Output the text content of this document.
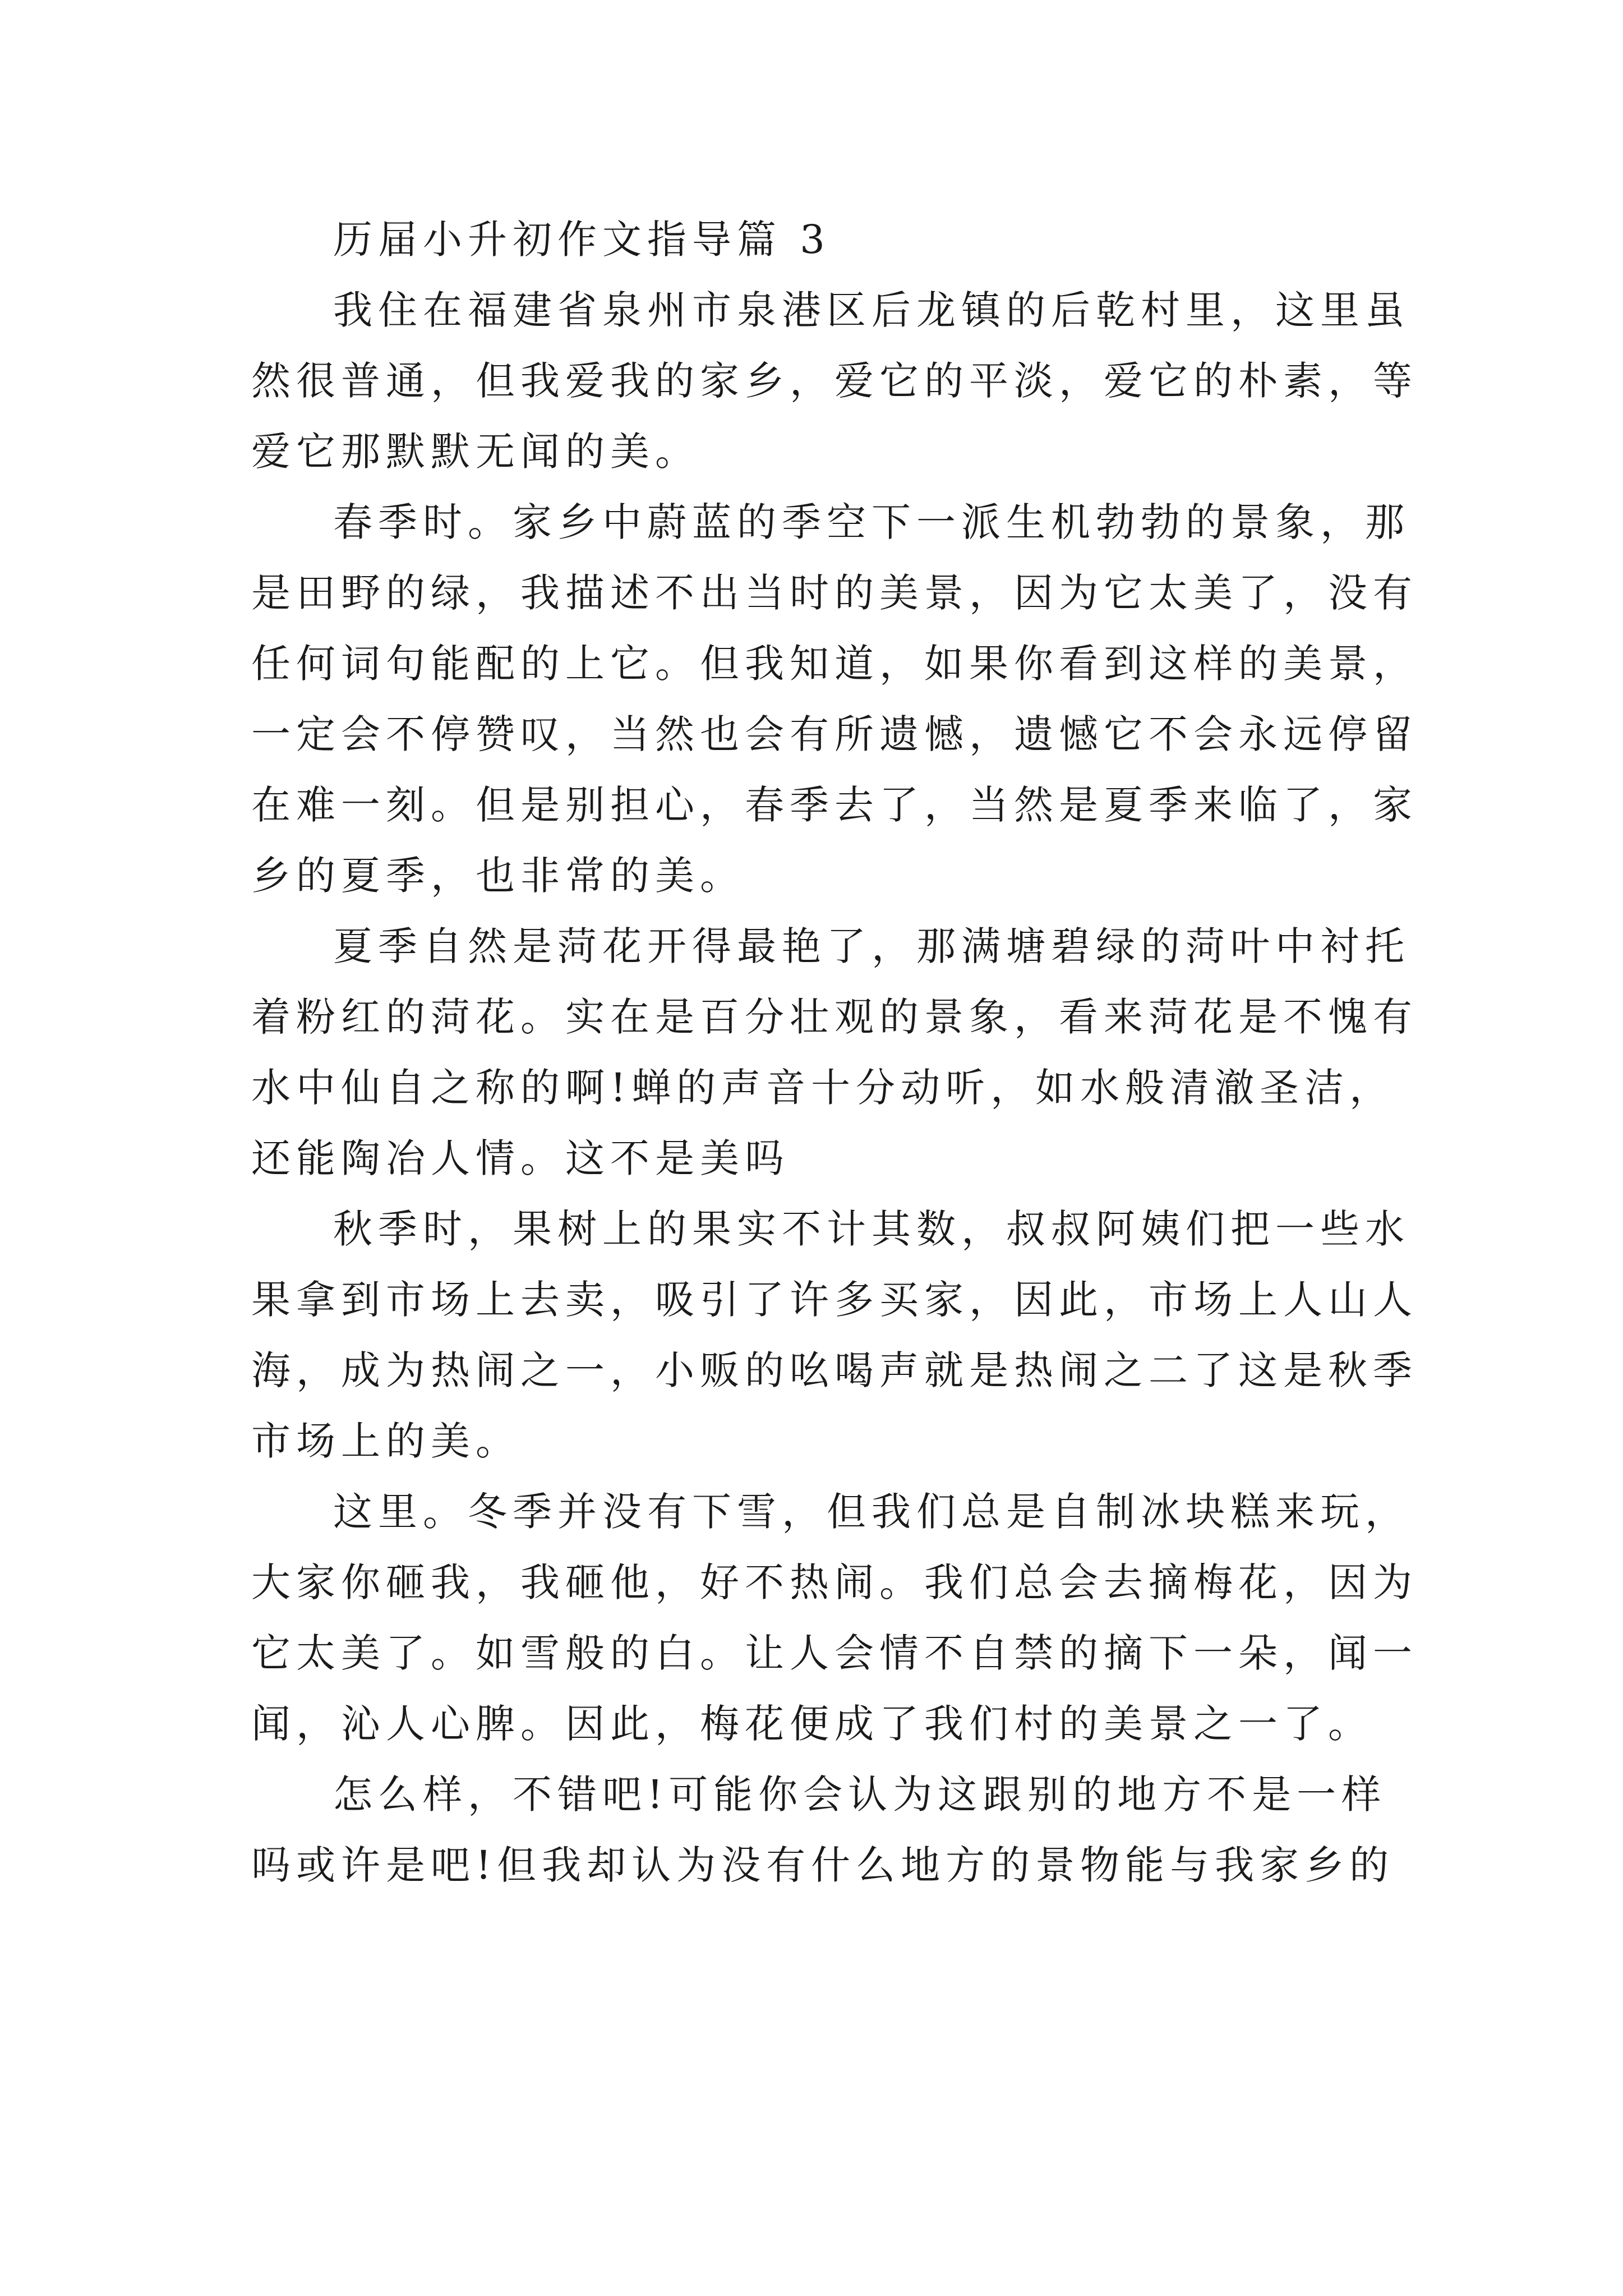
历届小升初作文指导篇 3
我住在福建省泉州市泉港区后龙镇的后乾村里，这里虽
然很普通，但我爱我的家乡，爱它的平淡，爱它的朴素，等
爱它那默默无闻的美。
春季时。家乡中蔚蓝的季空下一派生机勃勃的景象，那
是田野的绿，我描述不出当时的美景，因为它太美了，没有
任何词句能配的上它。但我知道，如果你看到这样的美景，
一定会不停赞叹，当然也会有所遗憾，遗憾它不会永远停留
在难一刻。但是别担心，春季去了，当然是夏季来临了，家
乡的夏季，也非常的美。
夏季自然是菏花开得最艳了，那满塘碧绿的菏叶中衬托
着粉红的菏花。实在是百分壮观的景象，看来菏花是不愧有
水中仙自之称的啊!蝉的声音十分动听，如水般清澈圣洁，
还能陶冶人情。这不是美吗
秋季时，果树上的果实不计其数，叔叔阿姨们把一些水
果拿到市场上去卖，吸引了许多买家，因此，市场上人山人
海，成为热闹之一，小贩的吆喝声就是热闹之二了这是秋季
市场上的美。
这里。冬季并没有下雪，但我们总是自制冰块糕来玩，
大家你砸我，我砸他，好不热闹。我们总会去摘梅花，因为
它太美了。如雪般的白。让人会情不自禁的摘下一朵，闻一
闻，沁人心脾。因此，梅花便成了我们村的美景之一了。
怎么样，不错吧!可能你会认为这跟别的地方不是一样
吗或许是吧!但我却认为没有什么地方的景物能与我家乡的
